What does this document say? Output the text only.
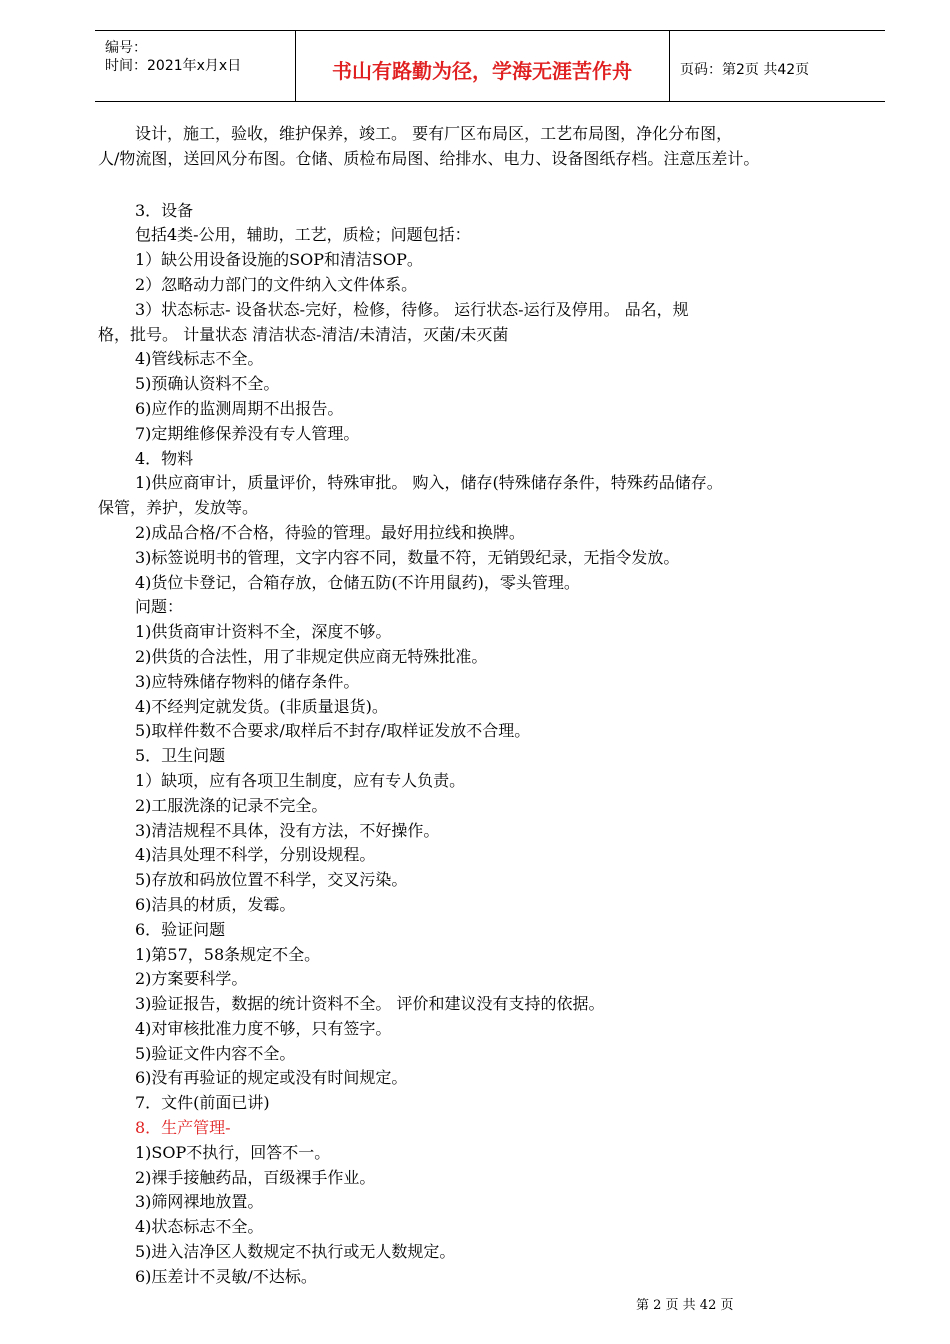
编号：
时间：2021年x月x日	书山有路勤为径，学海无涯苦作舟	页码：第2页 共42页
设计，施工，验收，维护保养，竣工。 要有厂区布局区，工艺布局图，净化分布图，
人/物流图，送回风分布图。仓储、质检布局图、给排水、电力、设备图纸存档。注意压差计。
3．设备
包括4类-公用，辅助，工艺，质检；问题包括：
1）缺公用设备设施的SOP和清洁SOP。
2）忽略动力部门的文件纳入文件体系。
3）状态标志- 设备状态-完好，检修，待修。 运行状态-运行及停用。 品名，规
格，批号。 计量状态 清洁状态-清洁/未清洁，灭菌/未灭菌
4)管线标志不全。
5)预确认资料不全。
6)应作的监测周期不出报告。
7)定期维修保养没有专人管理。
4．物料
1)供应商审计，质量评价，特殊审批。 购入，储存(特殊储存条件，特殊药品储存。
保管，养护，发放等。
2)成品合格/不合格，待验的管理。最好用拉线和换牌。
3)标签说明书的管理，文字内容不同，数量不符，无销毁纪录，无指令发放。
4)货位卡登记，合箱存放，仓储五防(不许用鼠药)，零头管理。
问题：
1)供货商审计资料不全，深度不够。
2)供货的合法性，用了非规定供应商无特殊批准。
3)应特殊储存物料的储存条件。
4)不经判定就发货。(非质量退货)。
5)取样件数不合要求/取样后不封存/取样证发放不合理。
5．卫生问题
1）缺项，应有各项卫生制度，应有专人负责。
2)工服洗涤的记录不完全。
3)清洁规程不具体，没有方法，不好操作。
4)洁具处理不科学，分别设规程。
5)存放和码放位置不科学，交叉污染。
6)洁具的材质，发霉。
6．验证问题
1)第57，58条规定不全。
2)方案要科学。
3)验证报告，数据的统计资料不全。 评价和建议没有支持的依据。
4)对审核批准力度不够，只有签字。
5)验证文件内容不全。
6)没有再验证的规定或没有时间规定。
7．文件(前面已讲)
8．生产管理-
1)SOP不执行，回答不一。
2)裸手接触药品，百级裸手作业。
3)筛网裸地放置。
4)状态标志不全。
5)进入洁净区人数规定不执行或无人数规定。
6)压差计不灵敏/不达标。
第 2 页 共 42 页
